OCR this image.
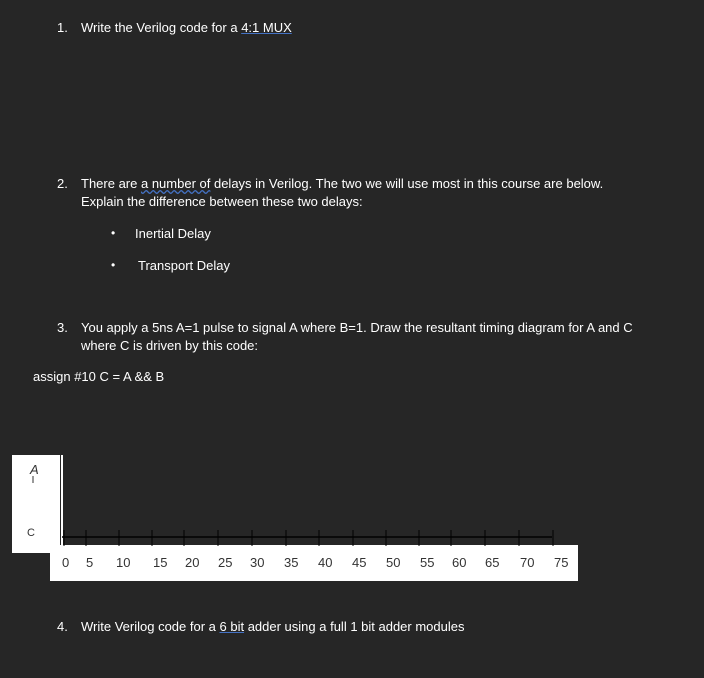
1.	Write the Verilog code for a 4:1 MUX
2.	There are a number of delays in Verilog. The two we will use most in this course are below.
Explain the difference between these two delays:
• Inertial Delay
• Transport Delay
3.	You apply a 5ns A=1 pulse to signal A where B=1. Draw the resultant timing diagram for A and C
where C is driven by this code:
assign #10 C = A && B
A
C
0 5 10 15 20 25 30 35 40 45 50 55 60 65 70 75
4.	Write Verilog code for a 6 bit adder using a full 1 bit adder modules
